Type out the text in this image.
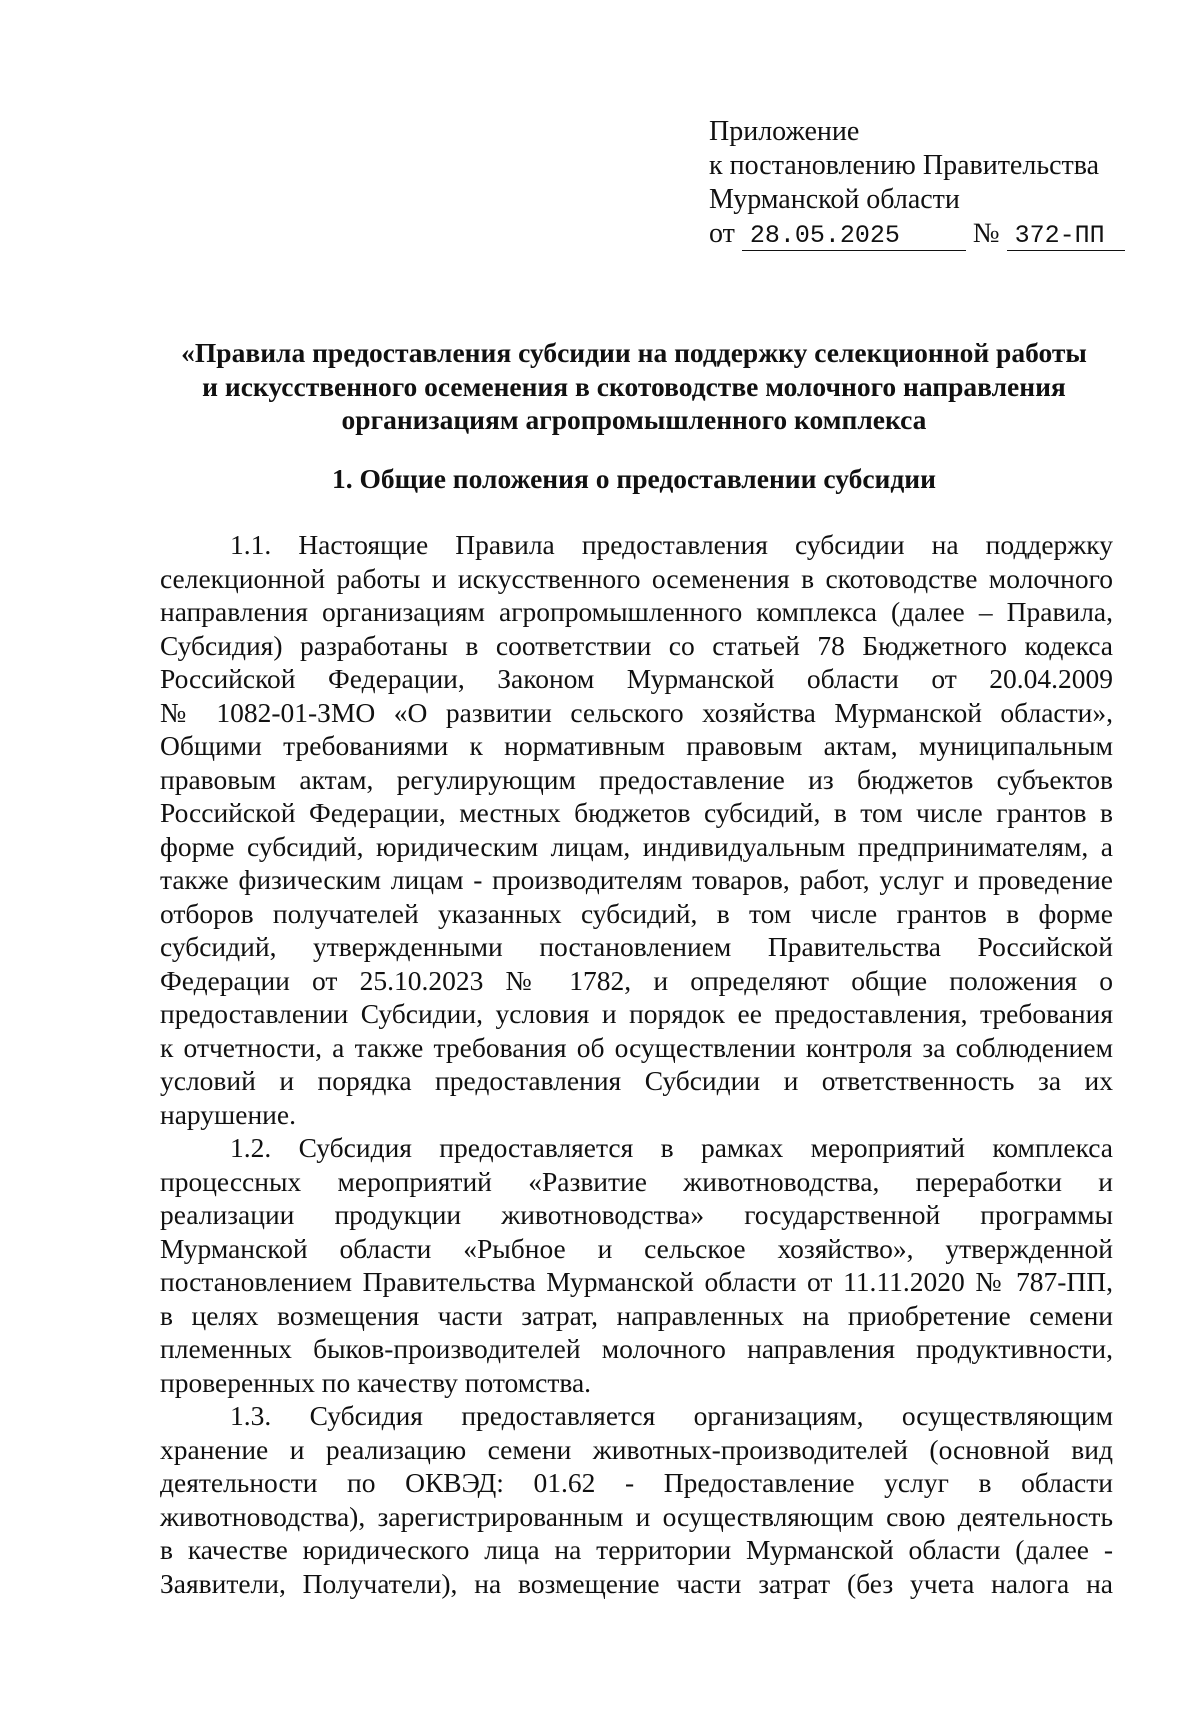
Приложение
к постановлению Правительства
Мурманской области
от 28.05.2025	№ 372-ПП
«Правила предоставления субсидии на поддержку селекционной работы
и искусственного осеменения в скотоводстве молочного направления
организациям агропромышленного комплекса
1. Общие положения о предоставлении субсидии
1.1. Настоящие Правила предоставления субсидии на поддержку
селекционной работы и искусственного осеменения в скотоводстве молочного
направления организациям агропромышленного комплекса (далее – Правила,
Субсидия) разработаны в соответствии со статьей 78 Бюджетного кодекса
Российской Федерации, Законом Мурманской области от 20.04.2009
№ 1082-01-ЗМО «О развитии сельского хозяйства Мурманской области»,
Общими требованиями к нормативным правовым актам, муниципальным
правовым актам, регулирующим предоставление из бюджетов субъектов
Российской Федерации, местных бюджетов субсидий, в том числе грантов в
форме субсидий, юридическим лицам, индивидуальным предпринимателям, а
также физическим лицам - производителям товаров, работ, услуг и проведение
отборов получателей указанных субсидий, в том числе грантов в форме
субсидий, утвержденными постановлением Правительства Российской
Федерации от 25.10.2023 № 1782, и определяют общие положения о
предоставлении Субсидии, условия и порядок ее предоставления, требования
к отчетности, а также требования об осуществлении контроля за соблюдением
условий и порядка предоставления Субсидии и ответственность за их
нарушение.
1.2. Субсидия предоставляется в рамках мероприятий комплекса
процессных мероприятий «Развитие животноводства, переработки и
реализации продукции животноводства» государственной программы
Мурманской области «Рыбное и сельское хозяйство», утвержденной
постановлением Правительства Мурманской области от 11.11.2020 № 787-ПП,
в целях возмещения части затрат, направленных на приобретение семени
племенных быков-производителей молочного направления продуктивности,
проверенных по качеству потомства.
1.3. Субсидия предоставляется организациям, осуществляющим
хранение и реализацию семени животных-производителей (основной вид
деятельности по ОКВЭД: 01.62 - Предоставление услуг в области
животноводства), зарегистрированным и осуществляющим свою деятельность
в качестве юридического лица на территории Мурманской области (далее -
Заявители, Получатели), на возмещение части затрат (без учета налога на
